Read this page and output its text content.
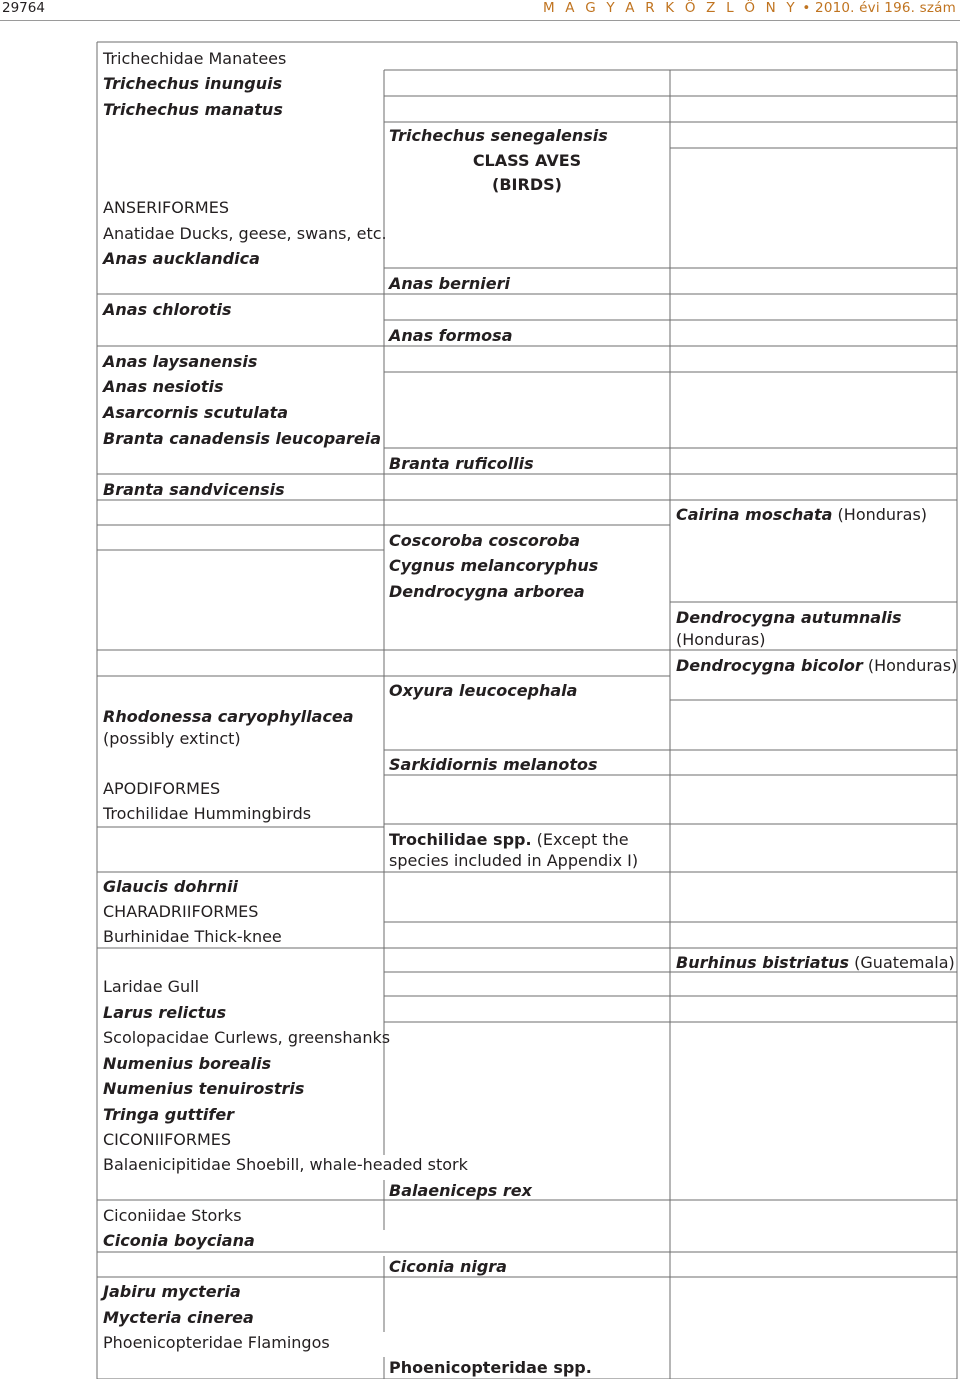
29764	M A G Y A R K Ö Z L Ö N Y • 2010. évi 196. szám
Trichechidae Manatees
Trichechus inunguis
Trichechus manatus
ANSERIFORMES
Anatidae Ducks, geese, swans, etc.
Anas aucklandica
Anas chlorotis
Anas laysanensis
Anas nesiotis
Asarcornis scutulata
Branta canadensis leucopareia
Branta sandvicensis
Rhodonessa caryophyllacea
(possibly extinct)
APODIFORMES
Trochilidae Hummingbirds
Glaucis dohrnii
CHARADRIIFORMES
Burhinidae Thick-knee
Laridae Gull
Larus relictus
Scolopacidae Curlews, greenshanks
Numenius borealis
Numenius tenuirostris
Tringa guttifer
CICONIIFORMES
Balaenicipitidae Shoebill, whale-headed stork
Ciconiidae Storks
Ciconia boyciana
Jabiru mycteria
Mycteria cinerea
Phoenicopteridae Flamingos
Trichechus senegalensis
CLASS AVES
(BIRDS)
Anas bernieri
Anas formosa
Branta ruficollis
Coscoroba coscoroba
Cygnus melancoryphus
Dendrocygna arborea
Oxyura leucocephala
Sarkidiornis melanotos
Trochilidae spp. (Except the species included in Appendix I)
Balaeniceps rex
Ciconia nigra
Phoenicopteridae spp.
Cairina moschata (Honduras)
Dendrocygna autumnalis
(Honduras)
Dendrocygna bicolor (Honduras)
Burhinus bistriatus (Guatemala)
